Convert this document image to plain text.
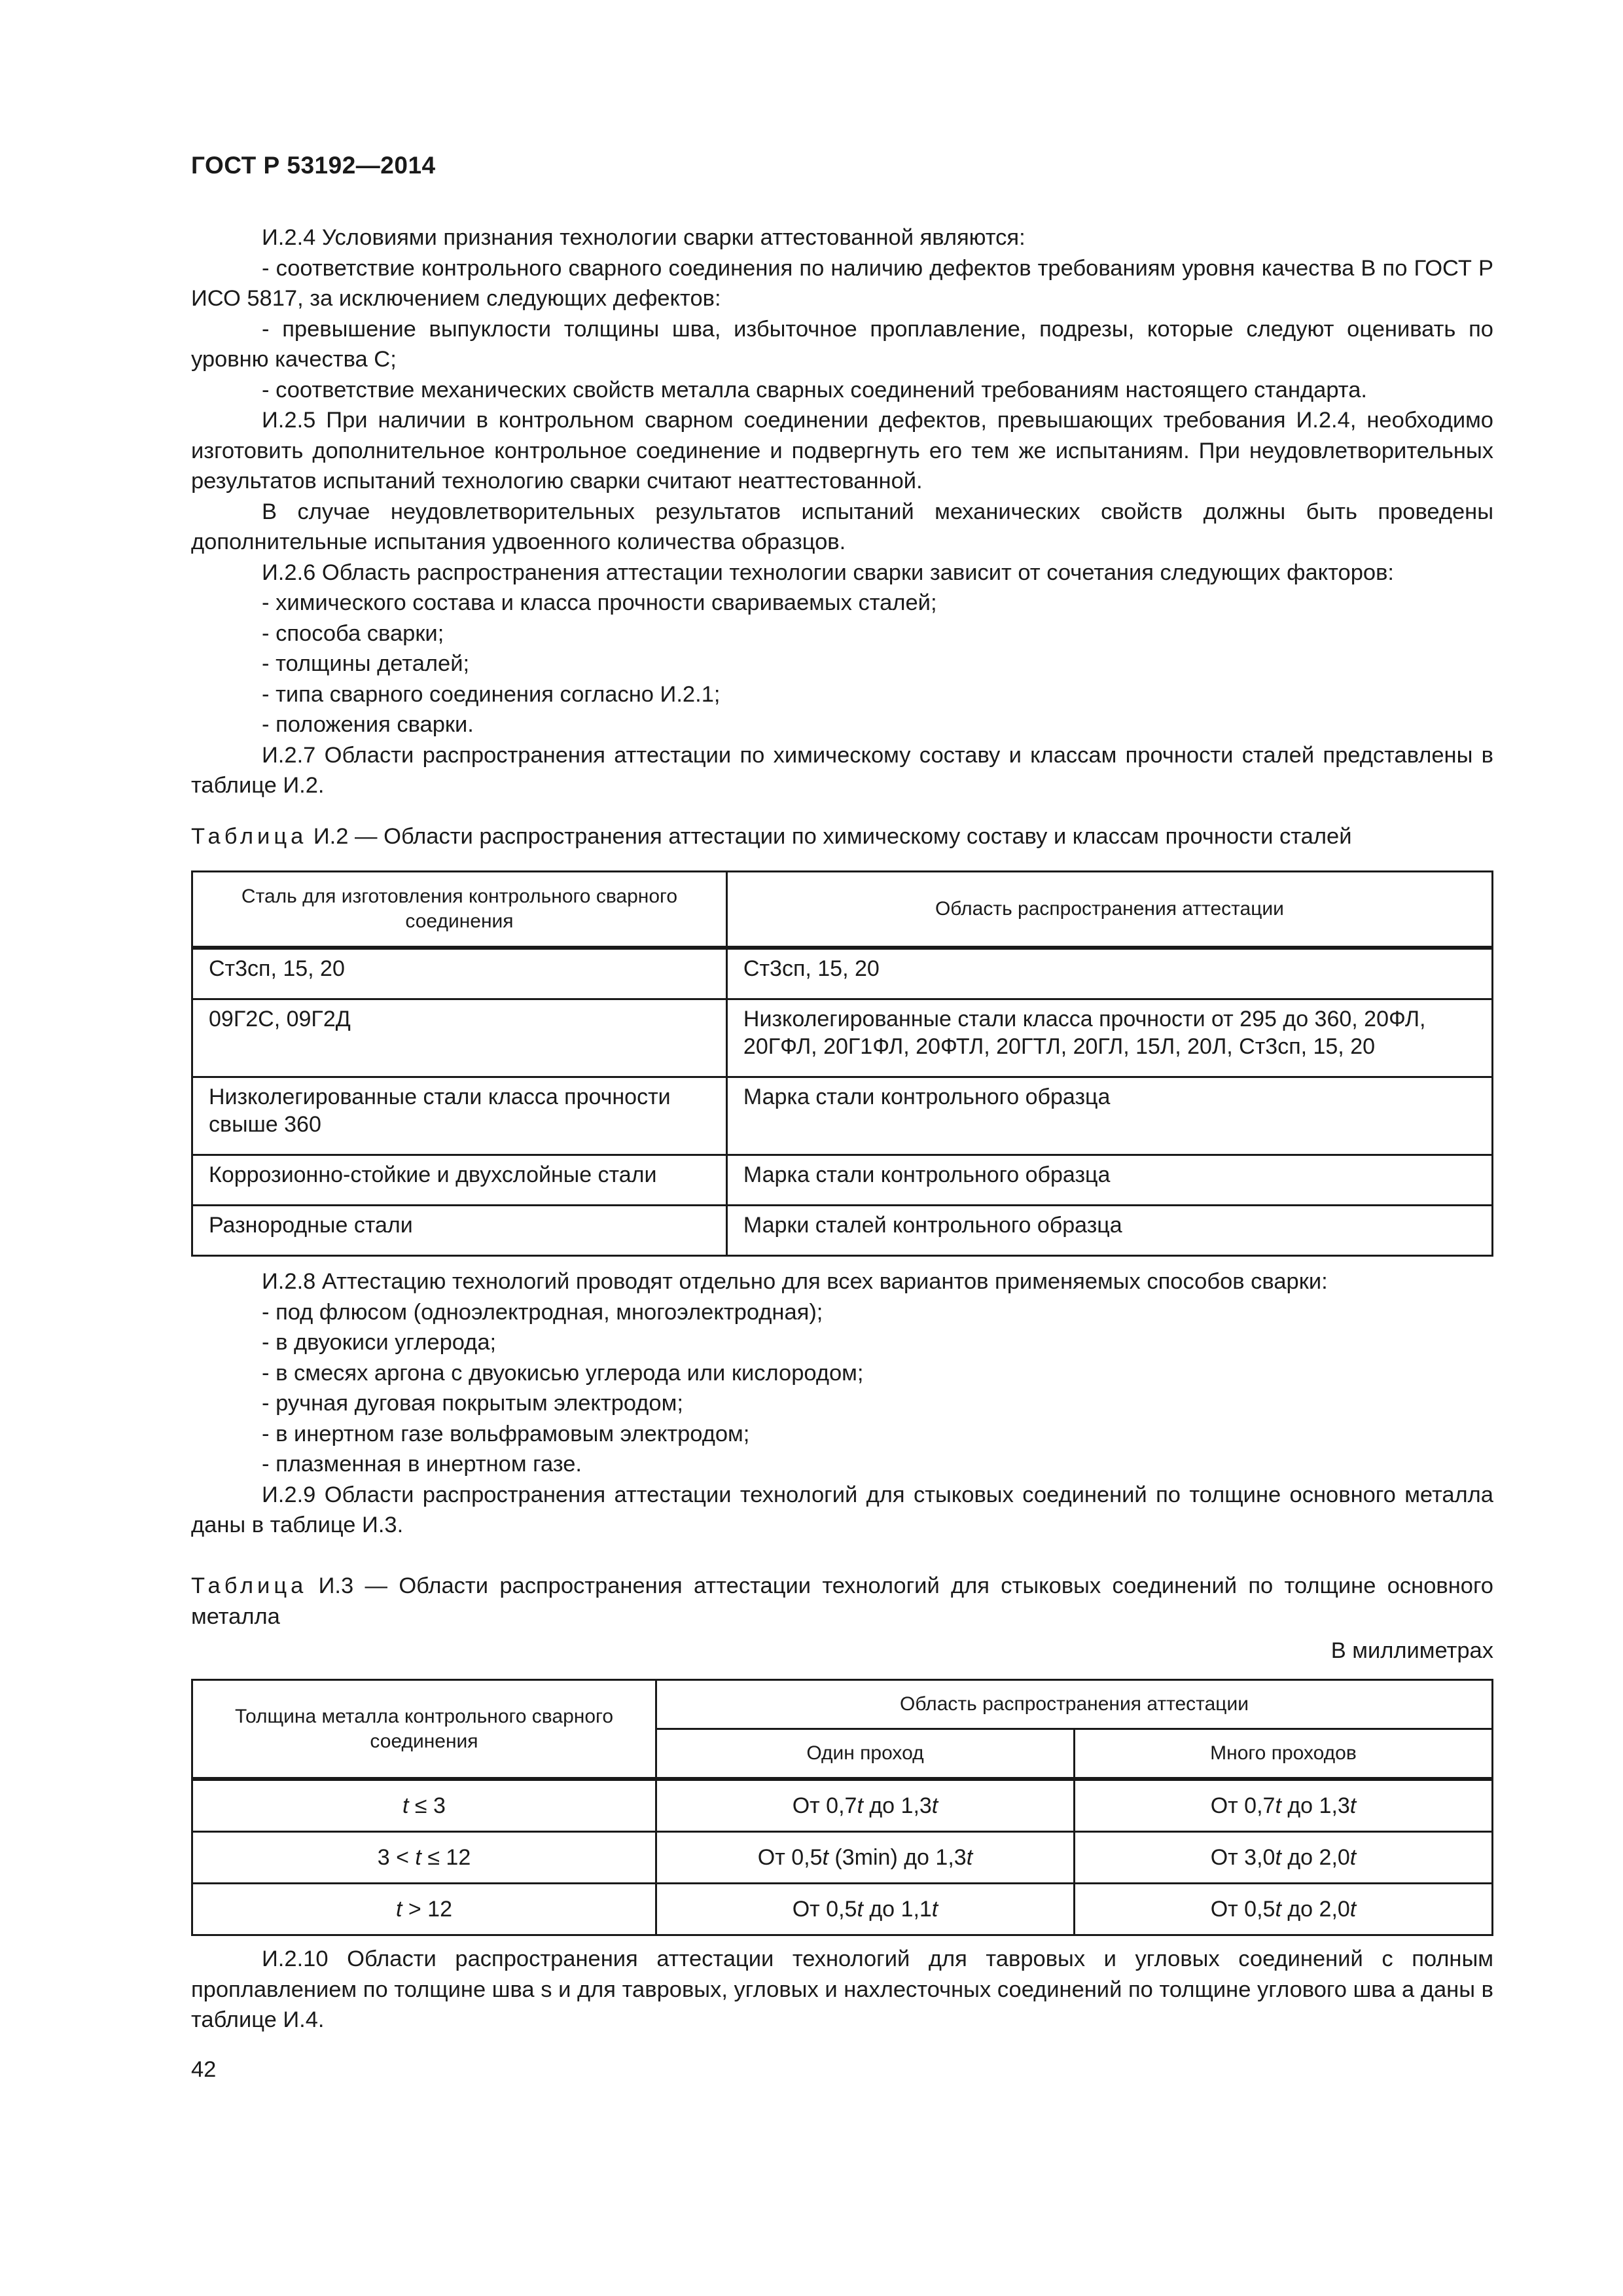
ГОСТ Р 53192—2014

И.2.4 Условиями признания технологии сварки аттестованной являются:

- соответствие контрольного сварного соединения по наличию дефектов требованиям уровня качества B по ГОСТ Р ИСО 5817, за исключением следующих дефектов:

- превышение выпуклости толщины шва, избыточное проплавление, подрезы, которые следуют оценивать по уровню качества C;

- соответствие механических свойств металла сварных соединений требованиям настоящего стандарта.

И.2.5 При наличии в контрольном сварном соединении дефектов, превышающих требования И.2.4, необходимо изготовить дополнительное контрольное соединение и подвергнуть его тем же испытаниям. При неудовлетворительных результатов испытаний технологию сварки считают неаттестованной.

В случае неудовлетворительных результатов испытаний механических свойств должны быть проведены дополнительные испытания удвоенного количества образцов.

И.2.6 Область распространения аттестации технологии сварки зависит от сочетания следующих факторов:

- химического состава и класса прочности свариваемых сталей;

- способа сварки;

- толщины деталей;

- типа сварного соединения согласно И.2.1;

- положения сварки.

И.2.7 Области распространения аттестации по химическому составу и классам прочности сталей представлены в таблице И.2.

Таблица И.2 — Области распространения аттестации по химическому составу и классам прочности сталей

Сталь для изготовления контрольного сварного соединения	Область распространения аттестации
Ст3сп, 15, 20	Ст3сп, 15, 20
09Г2С, 09Г2Д	Низколегированные стали класса прочности от 295 до 360, 20ФЛ, 20ГФЛ, 20Г1ФЛ, 20ФТЛ, 20ГТЛ, 20ГЛ, 15Л, 20Л, Ст3сп, 15, 20
Низколегированные стали класса прочности свыше 360	Марка стали контрольного образца
Коррозионно-стойкие и двухслойные стали	Марка стали контрольного образца
Разнородные стали	Марки сталей контрольного образца

И.2.8 Аттестацию технологий проводят отдельно для всех вариантов применяемых способов сварки:

- под флюсом (одноэлектродная, многоэлектродная);

- в двуокиси углерода;

- в смесях аргона с двуокисью углерода или кислородом;

- ручная дуговая покрытым электродом;

- в инертном газе вольфрамовым электродом;

- плазменная в инертном газе.

И.2.9 Области распространения аттестации технологий для стыковых соединений по толщине основного металла даны в таблице И.3.

Таблица И.3 — Области распространения аттестации технологий для стыковых соединений по толщине основного металла

В миллиметрах

Толщина металла контрольного сварного соединения	Область распространения аттестации	
	Один проход	Много проходов
t ≤ 3	От 0,7t до 1,3t	От 0,7t до 1,3t
3 < t ≤ 12	От 0,5t (3min) до 1,3t	От 3,0t до 2,0t
t > 12	От 0,5t до 1,1t	От 0,5t до 2,0t

И.2.10 Области распространения аттестации технологий для тавровых и угловых соединений с полным проплавлением по толщине шва s и для тавровых, угловых и нахлесточных соединений по толщине углового шва a даны в таблице И.4.

42
